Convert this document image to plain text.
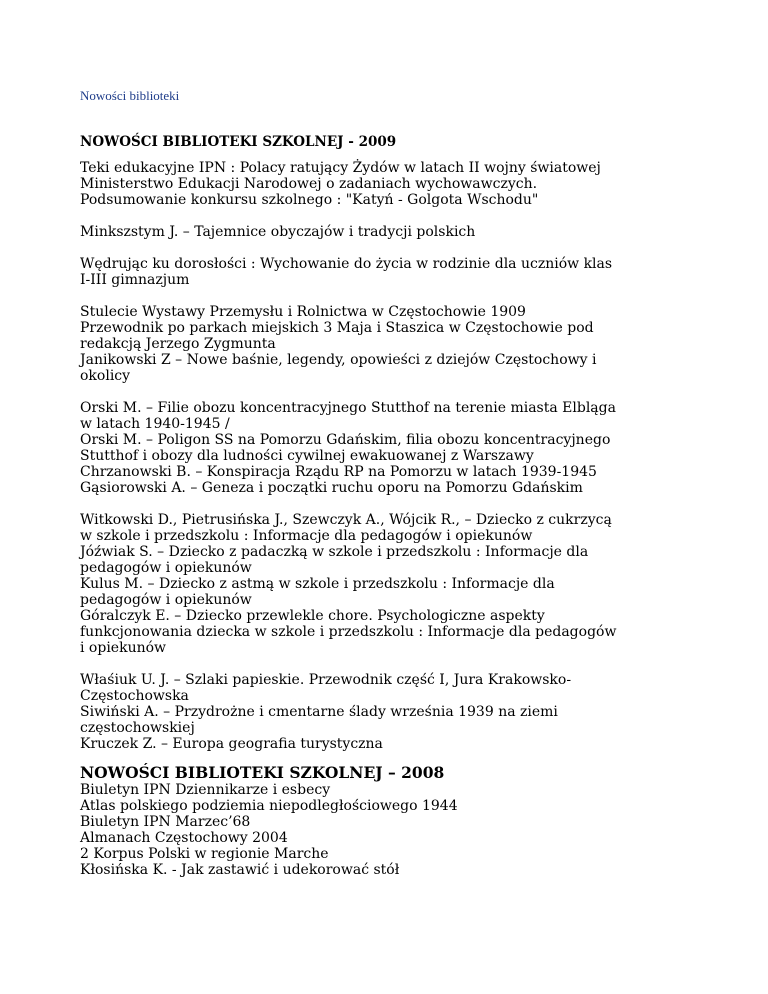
Nowości biblioteki
NOWOŚCI BIBLIOTEKI SZKOLNEJ - 2009
Teki edukacyjne IPN : Polacy ratujący Żydów w latach II wojny światowej
Ministerstwo Edukacji Narodowej o zadaniach wychowawczych.
Podsumowanie konkursu szkolnego : "Katyń - Golgota Wschodu"
Minkszstym J. – Tajemnice obyczajów i tradycji polskich
Wędrując ku dorosłości : Wychowanie do życia w rodzinie dla uczniów klas
I-III gimnazjum
Stulecie Wystawy Przemysłu i Rolnictwa w Częstochowie 1909
Przewodnik po parkach miejskich 3 Maja i Staszica w Częstochowie pod
redakcją Jerzego Zygmunta
Janikowski Z – Nowe baśnie, legendy, opowieści z dziejów Częstochowy i
okolicy
Orski M. – Filie obozu koncentracyjnego Stutthof na terenie miasta Elbląga
w latach 1940-1945 /
Orski M. – Poligon SS na Pomorzu Gdańskim, filia obozu koncentracyjnego
Stutthof i obozy dla ludności cywilnej ewakuowanej z Warszawy
Chrzanowski B. – Konspiracja Rządu RP na Pomorzu w latach 1939-1945
Gąsiorowski A. – Geneza i początki ruchu oporu na Pomorzu Gdańskim
Witkowski D., Pietrusińska J., Szewczyk A., Wójcik R., – Dziecko z cukrzycą
w szkole i przedszkolu : Informacje dla pedagogów i opiekunów
Jóźwiak S. – Dziecko z padaczką w szkole i przedszkolu : Informacje dla
pedagogów i opiekunów
Kulus M. – Dziecko z astmą w szkole i przedszkolu : Informacje dla
pedagogów i opiekunów
Góralczyk E. – Dziecko przewlekle chore. Psychologiczne aspekty
funkcjonowania dziecka w szkole i przedszkolu : Informacje dla pedagogów
i opiekunów
Właśiuk U. J. – Szlaki papieskie. Przewodnik część I, Jura Krakowsko-
Częstochowska
Siwiński A. – Przydrożne i cmentarne ślady września 1939 na ziemi
częstochowskiej
Kruczek Z. – Europa geografia turystyczna
NOWOŚCI BIBLIOTEKI SZKOLNEJ – 2008
Biuletyn IPN Dziennikarze i esbecy
Atlas polskiego podziemia niepodległościowego 1944
Biuletyn IPN Marzec’68
Almanach Częstochowy 2004
2 Korpus Polski w regionie Marche
Kłosińska K. - Jak zastawić i udekorować stół
